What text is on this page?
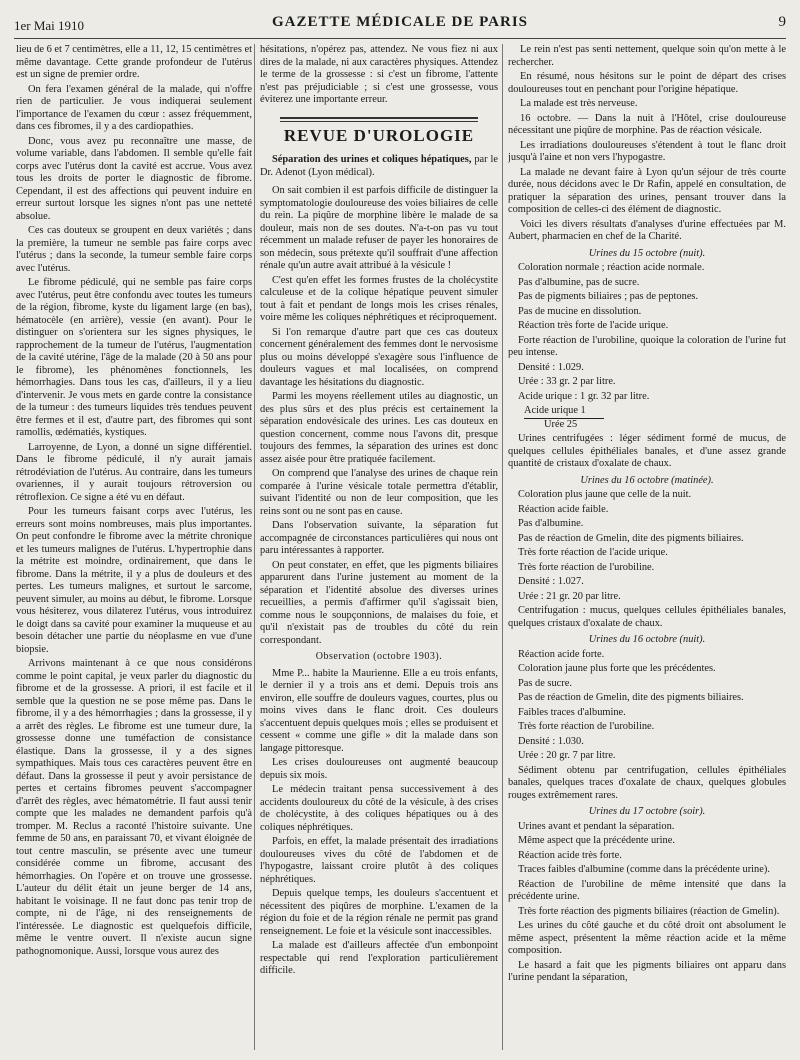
1er Mai 1910	GAZETTE MÉDICALE DE PARIS	9

lieu de 6 et 7 centimètres, elle a 11, 12, 15 centimètres et même davantage. Cette grande profondeur de l'utérus est un signe de premier ordre.

On fera l'examen général de la malade, qui n'offre rien de particulier. Je vous indiquerai seulement l'importance de l'examen du cœur : assez fréquemment, dans ces fibromes, il y a des cardiopathies.

Donc, vous avez pu reconnaître une masse, de volume variable, dans l'abdomen. Il semble qu'elle fait corps avec l'utérus dont la cavité est accrue. Vous avez tous les droits de porter le diagnostic de fibrome. Cependant, il est des affections qui peuvent induire en erreur surtout lorsque les signes n'ont pas une netteté absolue.

Ces cas douteux se groupent en deux variétés ; dans la première, la tumeur ne semble pas faire corps avec l'utérus ; dans la seconde, la tumeur semble faire corps avec l'utérus.

Le fibrome pédiculé, qui ne semble pas faire corps avec l'utérus, peut être confondu avec toutes les tumeurs de la région, fibrome, kyste du ligament large (en bas), hématocèle (en arrière), vessie (en avant). Pour le distinguer on s'orientera sur les signes physiques, le rapprochement de la tumeur de l'utérus, l'augmentation de la cavité utérine, l'âge de la malade (20 à 50 ans pour le fibrome), les phénomènes fonctionnels, les hémorrhagies. Dans tous les cas, d'ailleurs, il y a lieu d'intervenir. Je vous mets en garde contre la consistance de la tumeur : des tumeurs liquides très tendues peuvent être fermes et il est, d'autre part, des fibromes qui sont ramollis, œdématiés, kystiques.

Larroyenne, de Lyon, a donné un signe différentiel. Dans le fibrome pédiculé, il n'y aurait jamais rétrodéviation de l'utérus. Au contraire, dans les tumeurs ovariennes, il y aurait toujours rétroversion ou rétroflexion. Ce signe a été vu en défaut.

Pour les tumeurs faisant corps avec l'utérus, les erreurs sont moins nombreuses, mais plus importantes. On peut confondre le fibrome avec la métrite chronique et les tumeurs malignes de l'utérus. L'hypertrophie dans la métrite est moindre, ordinairement, que dans le fibrome. Dans la métrite, il y a plus de douleurs et des pertes. Les tumeurs malignes, et surtout le sarcome, peuvent simuler, au moins au début, le fibrome. Lorsque vous hésiterez, vous dilaterez l'utérus, vous introduirez le doigt dans sa cavité pour examiner la muqueuse et au besoin détacher une partie du néoplasme en vue d'une biopsie.

Arrivons maintenant à ce que nous considérons comme le point capital, je veux parler du diagnostic du fibrome et de la grossesse. A priori, il est facile et il semble que la question ne se pose même pas. Dans le fibrome, il y a des hémorrhagies ; dans la grossesse, il y a arrêt des règles. Le fibrome est une tumeur dure, la grossesse donne une tuméfaction de consistance élastique. Dans la grossesse, il y a des signes sympathiques. Mais tous ces caractères peuvent être en défaut. Dans la grossesse il peut y avoir persistance de pertes et certains fibromes peuvent s'accompagner d'arrêt des règles, avec hématométrie. Il faut aussi tenir compte que les malades ne demandent parfois qu'à tromper. M. Reclus a raconté l'histoire suivante. Une femme de 50 ans, en paraissant 70, et vivant éloignée de tout centre masculin, se présente avec une tumeur considérée comme un fibrome, accusant des hémorrhagies. On l'opère et on trouve une grossesse. L'auteur du délit était un jeune berger de 14 ans, habitant le voisinage. Il ne faut donc pas tenir trop de compte, ni de l'âge, ni des renseignements de l'intéressée. Le diagnostic est quelquefois difficile, même le ventre ouvert. Il n'existe aucun signe pathognomonique. Aussi, lorsque vous aurez des

hésitations, n'opérez pas, attendez. Ne vous fiez ni aux dires de la malade, ni aux caractères physiques. Attendez le terme de la grossesse : si c'est un fibrome, l'attente n'est pas préjudiciable ; si c'est une grossesse, vous éviterez une importante erreur.

REVUE D'UROLOGIE

Séparation des urines et coliques hépatiques, par le Dr. Adenot (Lyon médical).

On sait combien il est parfois difficile de distinguer la symptomatologie douloureuse des voies biliaires de celle du rein. La piqûre de morphine libère le malade de sa douleur, mais non de ses doutes. N'a-t-on pas vu tout récemment un malade refuser de payer les honoraires de son médecin, sous prétexte qu'il souffrait d'une affection rénale qu'un autre avait attribué à la vésicule !

C'est qu'en effet les formes frustes de la cholécystite calculeuse et de la colique hépatique peuvent simuler tout à fait et pendant de longs mois les crises rénales, voire même les coliques néphrétiques et réciproquement.

Si l'on remarque d'autre part que ces cas douteux concernent généralement des femmes dont le nervosisme plus ou moins développé s'exagère sous l'influence de douleurs vagues et mal localisées, on comprend davantage les hésitations du diagnostic.

Parmi les moyens réellement utiles au diagnostic, un des plus sûrs et des plus précis est certainement la séparation endovésicale des urines. Les cas douteux en question concernent, comme nous l'avons dit, presque toujours des femmes, la séparation des urines est donc assez aisée pour être pratiquée facilement.

On comprend que l'analyse des urines de chaque rein comparée à l'urine vésicale totale permettra d'établir, suivant l'identité ou non de leur composition, que les reins sont ou ne sont pas en cause.

Dans l'observation suivante, la séparation fut accompagnée de circonstances particulières qui nous ont paru intéressantes à rapporter.

On peut constater, en effet, que les pigments biliaires apparurent dans l'urine justement au moment de la séparation et l'identité absolue des diverses urines recueillies, a permis d'affirmer qu'il s'agissait bien, comme nous le soupçonnions, de malaises du foie, et qu'il n'existait pas de troubles du côté du rein correspondant.

Observation (octobre 1903).

Mme P... habite la Maurienne. Elle a eu trois enfants, le dernier il y a trois ans et demi. Depuis trois ans environ, elle souffre de douleurs vagues, courtes, plus ou moins vives dans le flanc droit. Ces douleurs s'accentuent depuis quelques mois ; elles se produisent et cessent « comme une gifle » dit la malade dans son langage pittoresque.

Les crises douloureuses ont augmenté beaucoup depuis six mois.

Le médecin traitant pensa successivement à des accidents douloureux du côté de la vésicule, à des crises de cholécystite, à des coliques hépatiques ou à des coliques néphrétiques.

Parfois, en effet, la malade présentait des irradiations douloureuses vives du côté de l'abdomen et de l'hypogastre, laissant croire plutôt à des coliques néphrétiques.

Depuis quelque temps, les douleurs s'accentuent et nécessitent des piqûres de morphine. L'examen de la région du foie et de la région rénale ne permit pas grand renseignement. Le foie et la vésicule sont inaccessibles.

La malade est d'ailleurs affectée d'un embonpoint respectable qui rend l'exploration particulièrement difficile.

Le rein n'est pas senti nettement, quelque soin qu'on mette à le rechercher.

En résumé, nous hésitons sur le point de départ des crises douloureuses tout en penchant pour l'origine hépatique.

La malade est très nerveuse.

16 octobre. — Dans la nuit à l'Hôtel, crise douloureuse nécessitant une piqûre de morphine. Pas de réaction vésicale.

Les irradiations douloureuses s'étendent à tout le flanc droit jusqu'à l'aine et non vers l'hypogastre.

La malade ne devant faire à Lyon qu'un séjour de très courte durée, nous décidons avec le Dr Rafin, appelé en consultation, de pratiquer la séparation des urines, pensant trouver dans la composition de celles-ci des élément de diagnostic.

Voici les divers résultats d'analyses d'urine effectuées par M. Aubert, pharmacien en chef de la Charité.

Urines du 15 octobre (nuit).

Coloration normale ; réaction acide normale.

Pas d'albumine, pas de sucre.

Pas de pigments biliaires ; pas de peptones.

Pas de mucine en dissolution.

Réaction très forte de l'acide urique.

Forte réaction de l'urobiline, quoique la coloration de l'urine fut peu intense.

Densité : 1.029.

Urée : 33 gr. 2 par litre.

Acide urique : 1 gr. 32 par litre.

Acide urique 1
Urée 25

Urines centrifugées : léger sédiment formé de mucus, de quelques cellules épithéliales banales, et d'une assez grande quantité de cristaux d'oxalate de chaux.

Urines du 16 octobre (matinée).

Coloration plus jaune que celle de la nuit.

Réaction acide faible.

Pas d'albumine.

Pas de réaction de Gmelin, dite des pigments biliaires.

Très forte réaction de l'acide urique.

Très forte réaction de l'urobiline.

Densité : 1.027.

Urée : 21 gr. 20 par litre.

Centrifugation : mucus, quelques cellules épithéliales banales, quelques cristaux d'oxalate de chaux.

Urines du 16 octobre (nuit).

Réaction acide forte.

Coloration jaune plus forte que les précédentes.

Pas de sucre.

Pas de réaction de Gmelin, dite des pigments biliaires.

Faibles traces d'albumine.

Très forte réaction de l'urobiline.

Densité : 1.030.

Urée : 20 gr. 7 par litre.

Sédiment obtenu par centrifugation, cellules épithéliales banales, quelques traces d'oxalate de chaux, quelques globules rouges extrêmement rares.

Urines du 17 octobre (soir).

Urines avant et pendant la séparation.

Même aspect que la précédente urine.

Réaction acide très forte.

Traces faibles d'albumine (comme dans la précédente urine).

Réaction de l'urobiline de même intensité que dans la précédente urine.

Très forte réaction des pigments biliaires (réaction de Gmelin).

Les urines du côté gauche et du côté droit ont absolument le même aspect, présentent la même réaction acide et la même composition.

Le hasard a fait que les pigments biliaires ont apparu dans l'urine pendant la séparation,
